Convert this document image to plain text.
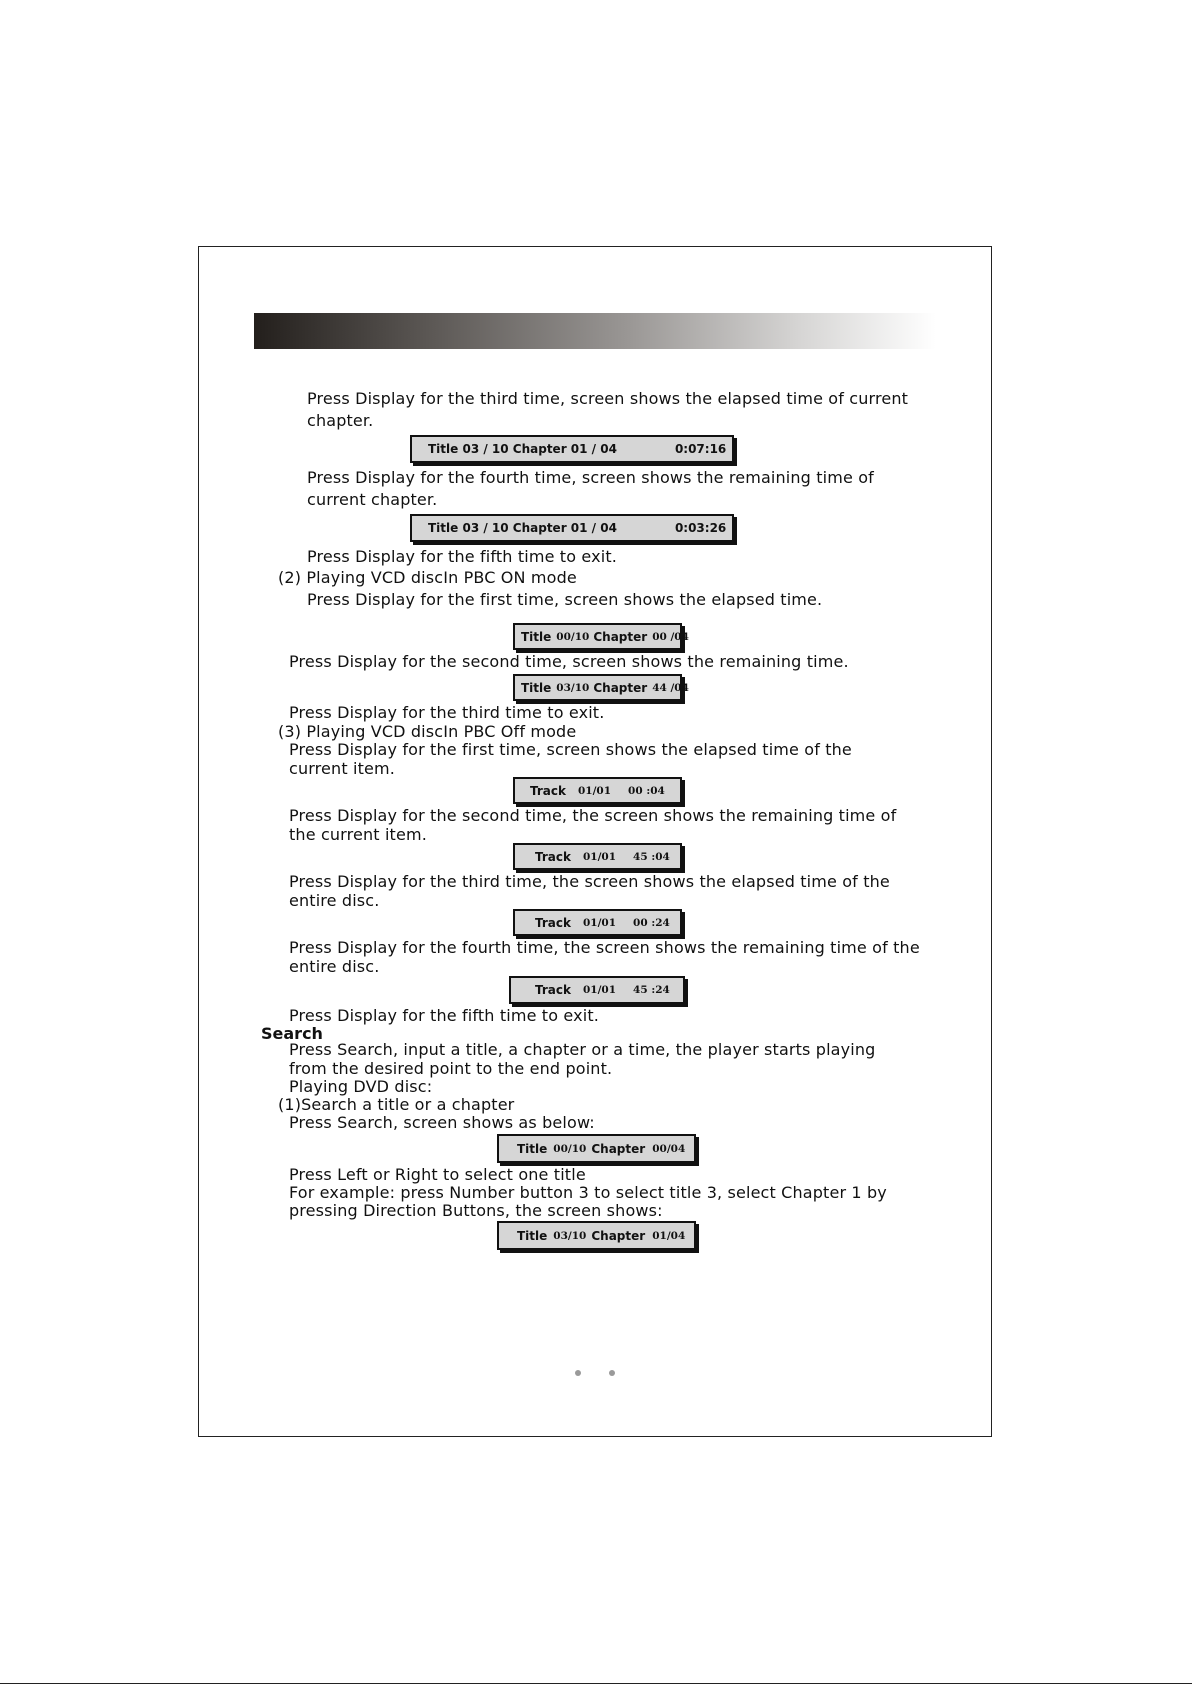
Press Display for the third time, screen shows the elapsed time of current
chapter.
Title 03 / 10 Chapter 01 / 04	0:07:16
Press Display for the fourth time, screen shows the remaining time of
current chapter.
Title 03 / 10 Chapter 01 / 04	0:03:26
Press Display for the fifth time to exit.
(2) Playing VCD discIn PBC ON mode
Press Display for the first time, screen shows the elapsed time.
Title 00/10 Chapter 00 /04
Press Display for the second time, screen shows the remaining time.
Title 03/10 Chapter 44 /04
Press Display for the third time to exit.
(3) Playing VCD discIn PBC Off mode
Press Display for the first time, screen shows the elapsed time of the
current item.
Track 01/01 00 :04
Press Display for the second time, the screen shows the remaining time of
the current item.
Track 01/01 45 :04
Press Display for the third time, the screen shows the elapsed time of the
entire disc.
Track 01/01 00 :24
Press Display for the fourth time, the screen shows the remaining time of the
entire disc.
Track 01/01 45 :24
Press Display for the fifth time to exit.
Search
Press Search, input a title, a chapter or a time, the player starts playing
from the desired point to the end point.
Playing DVD disc:
(1)Search a title or a chapter
Press Search, screen shows as below:
Title 00/10 Chapter 00/04
Press Left or Right to select one title
For example: press Number button 3 to select title 3, select Chapter 1 by
pressing Direction Buttons, the screen shows:
Title 03/10 Chapter 01/04
